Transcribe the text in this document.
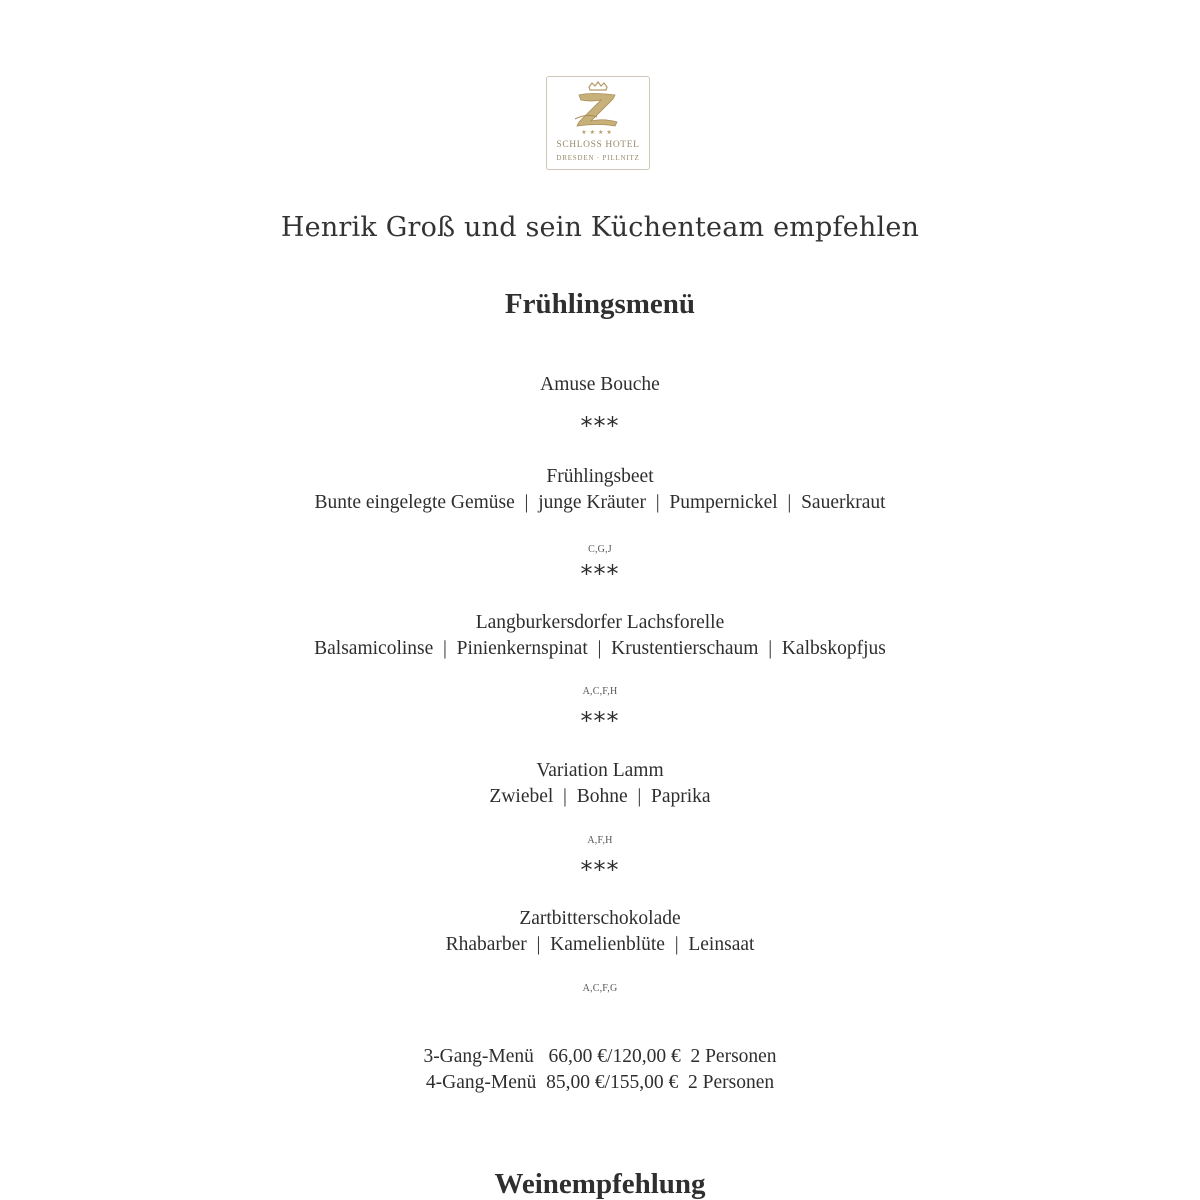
★★★★
SCHLOSS HOTEL
DRESDEN · PILLNITZ
Henrik Groß und sein Küchenteam empfehlen
Frühlingsmenü
Amuse Bouche
***
Frühlingsbeet
Bunte eingelegte Gemüse  |  junge Kräuter  |  Pumpernickel  |  Sauerkraut
C,G,J
***
Langburkersdorfer Lachsforelle
Balsamicolinse  |  Pinienkernspinat  |  Krustentierschaum  |  Kalbskopfjus
A,C,F,H
***
Variation Lamm
Zwiebel  |  Bohne  |  Paprika
A,F,H
***
Zartbitterschokolade
Rhabarber  |  Kamelienblüte  |  Leinsaat
A,C,F,G
3-Gang-Menü   66,00 €/120,00 €  2 Personen
4-Gang-Menü  85,00 €/155,00 €  2 Personen
Weinempfehlung
